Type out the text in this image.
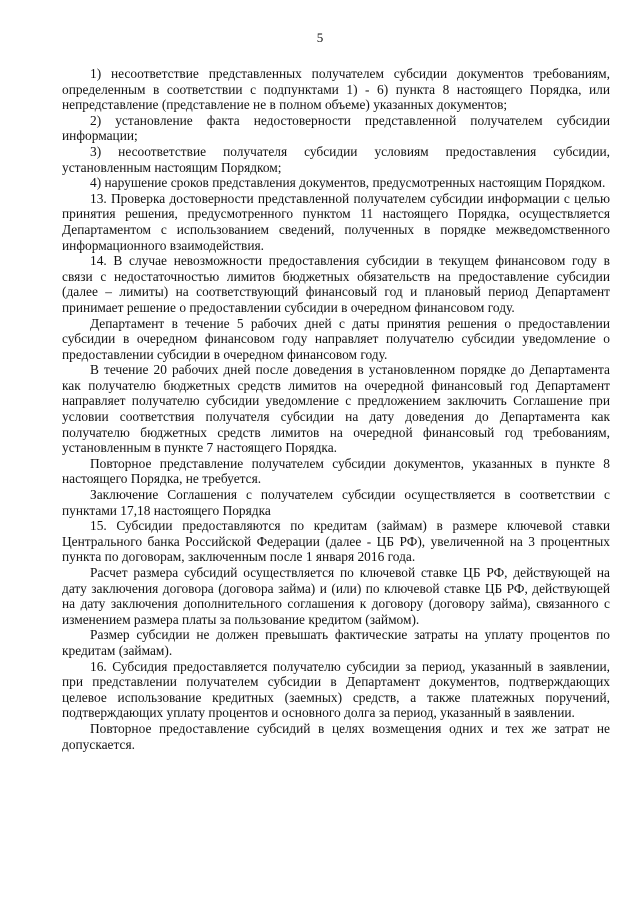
5

1) несоответствие представленных получателем субсидии документов требованиям, определенным в соответствии с подпунктами 1) - 6) пункта 8 настоящего Порядка, или непредставление (представление не в полном объеме) указанных документов;

2) установление факта недостоверности представленной получателем субсидии информации;

3) несоответствие получателя субсидии условиям предоставления субсидии, установленным настоящим Порядком;

4) нарушение сроков представления документов, предусмотренных настоящим Порядком.

13. Проверка достоверности представленной получателем субсидии информации с целью принятия решения, предусмотренного пунктом 11 настоящего Порядка, осуществляется Департаментом с использованием сведений, полученных в порядке межведомственного информационного взаимодействия.

14. В случае невозможности предоставления субсидии в текущем финансовом году в связи с недостаточностью лимитов бюджетных обязательств на предоставление субсидии (далее – лимиты) на соответствующий финансовый год и плановый период Департамент принимает решение о предоставлении субсидии в очередном финансовом году.

Департамент в течение 5 рабочих дней с даты принятия решения о предоставлении субсидии в очередном финансовом году направляет получателю субсидии уведомление о предоставлении субсидии в очередном финансовом году.

В течение 20 рабочих дней после доведения в установленном порядке до Департамента как получателю бюджетных средств лимитов на очередной финансовый год Департамент направляет получателю субсидии уведомление с предложением заключить Соглашение при условии соответствия получателя субсидии на дату доведения до Департамента как получателю бюджетных средств лимитов на очередной финансовый год требованиям, установленным в пункте 7 настоящего Порядка.

Повторное представление получателем субсидии документов, указанных в пункте 8 настоящего Порядка, не требуется.

Заключение Соглашения с получателем субсидии осуществляется в соответствии с пунктами 17,18 настоящего Порядка

15. Субсидии предоставляются по кредитам (займам) в размере ключевой ставки Центрального банка Российской Федерации (далее - ЦБ РФ), увеличенной на 3 процентных пункта по договорам, заключенным после 1 января 2016 года.

Расчет размера субсидий осуществляется по ключевой ставке ЦБ РФ, действующей на дату заключения договора (договора займа) и (или) по ключевой ставке ЦБ РФ, действующей на дату заключения дополнительного соглашения к договору (договору займа), связанного с изменением размера платы за пользование кредитом (займом).

Размер субсидии не должен превышать фактические затраты на уплату процентов по кредитам (займам).

16. Субсидия предоставляется получателю субсидии за период, указанный в заявлении, при представлении получателем субсидии в Департамент документов, подтверждающих целевое использование кредитных (заемных) средств, а также платежных поручений, подтверждающих уплату процентов и основного долга за период, указанный в заявлении.

Повторное предоставление субсидий в целях возмещения одних и тех же затрат не допускается.
